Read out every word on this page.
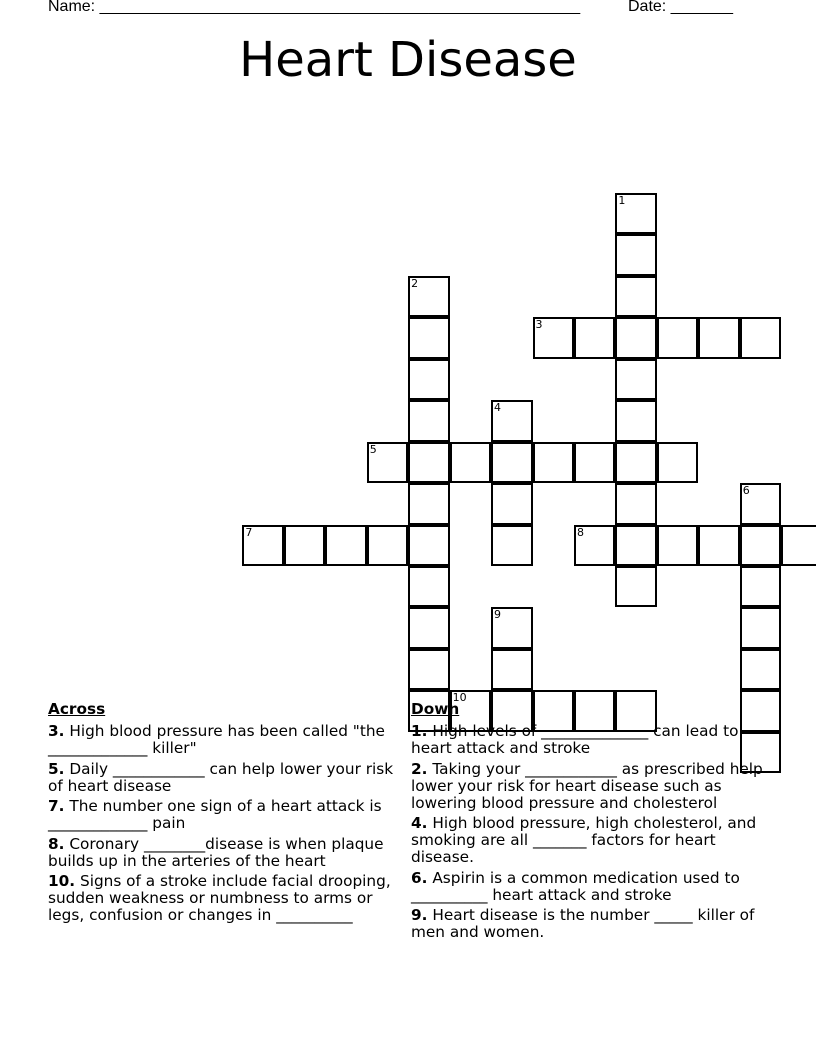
Name: ______________________________________________________	Date: _______
Heart Disease
1
2
3
4
5
6
7	8
9
10
Across
3. High blood pressure has been called "the _____________ killer"
5. Daily ____________ can help lower your risk of heart disease
7. The number one sign of a heart attack is _____________ pain
8. Coronary ________disease is when plaque builds up in the arteries of the heart
10. Signs of a stroke include facial drooping, sudden weakness or numbness to arms or legs, confusion or changes in __________
Down
1. High levels of ______________ can lead to heart attack and stroke
2. Taking your ____________ as prescribed help lower your risk for heart disease such as lowering blood pressure and cholesterol
4. High blood pressure, high cholesterol, and smoking are all _______ factors for heart disease.
6. Aspirin is a common medication used to __________ heart attack and stroke
9. Heart disease is the number _____ killer of men and women.
